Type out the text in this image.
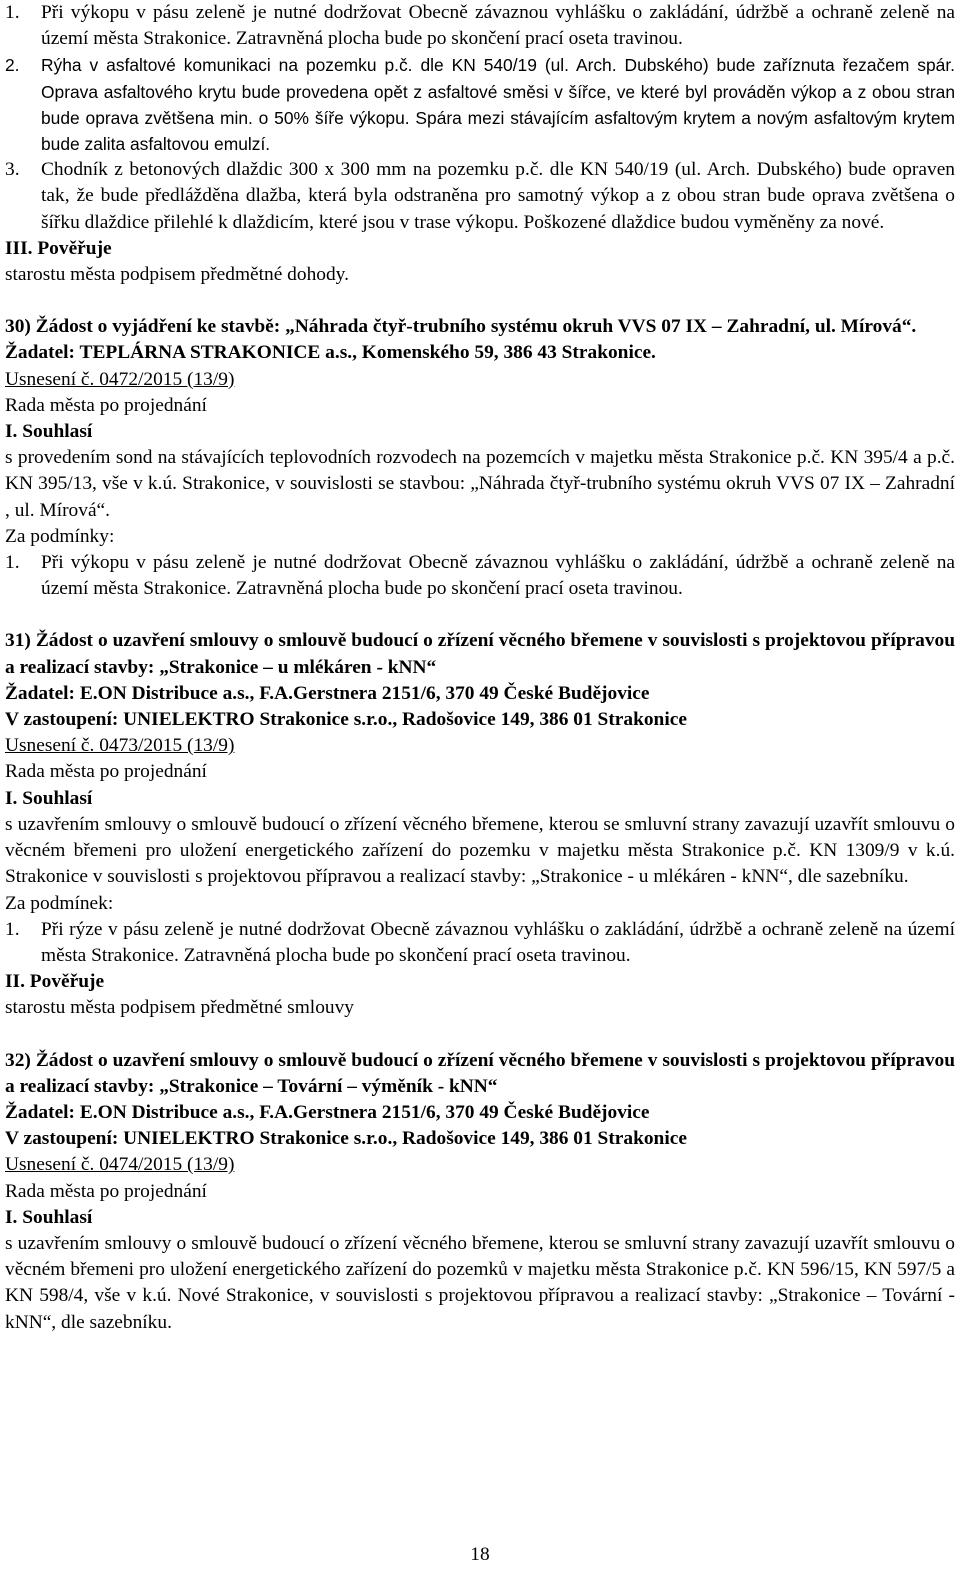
1. Při výkopu v pásu zeleně je nutné dodržovat Obecně závaznou vyhlášku o zakládání, údržbě a ochraně zeleně na území města Strakonice. Zatravněná plocha bude po skončení prací oseta travinou.
2. Rýha v asfaltové komunikaci na pozemku p.č. dle KN 540/19 (ul. Arch. Dubského) bude zaříznuta řezačem spár. Oprava asfaltového krytu bude provedena opět z asfaltové směsi v šířce, ve které byl prováděn výkop a z obou stran bude oprava zvětšena min. o 50% šíře výkopu. Spára mezi stávajícím asfaltovým krytem a novým asfaltovým krytem bude zalita asfaltovou emulzí.
3. Chodník z betonových dlaždic 300 x 300 mm na pozemku p.č. dle KN 540/19 (ul. Arch. Dubského) bude opraven tak, že bude předlážděna dlažba, která byla odstraněna pro samotný výkop a z obou stran bude oprava zvětšena o šířku dlaždice přilehlé k dlaždicím, které jsou v trase výkopu. Poškozené dlaždice budou vyměněny za nové.
III. Pověřuje
starostu města podpisem předmětné dohody.
30) Žádost o vyjádření ke stavbě: „Náhrada čtyř-trubního systému okruh VVS 07 IX – Zahradní, ul. Mírová“.
Žadatel: TEPLÁRNA STRAKONICE a.s., Komenského 59, 386 43 Strakonice.
Usnesení č. 0472/2015 (13/9)
Rada města po projednání
I. Souhlasí
s provedením sond na stávajících teplovodních rozvodech na pozemcích v majetku města Strakonice p.č. KN 395/4 a p.č. KN 395/13, vše v k.ú. Strakonice, v souvislosti se stavbou: „Náhrada čtyř-trubního systému okruh VVS 07 IX – Zahradní , ul. Mírová“.
Za podmínky:
1. Při výkopu v pásu zeleně je nutné dodržovat Obecně závaznou vyhlášku o zakládání, údržbě a ochraně zeleně na území města Strakonice. Zatravněná plocha bude po skončení prací oseta travinou.
31) Žádost o uzavření smlouvy o smlouvě budoucí o zřízení věcného břemene v souvislosti s projektovou přípravou a realizací stavby: „Strakonice – u mlékáren - kNN“
Žadatel: E.ON Distribuce a.s., F.A.Gerstnera 2151/6, 370 49 České Budějovice
V zastoupení: UNIELEKTRO Strakonice s.r.o., Radošovice 149, 386 01 Strakonice
Usnesení č. 0473/2015 (13/9)
Rada města po projednání
I. Souhlasí
s uzavřením smlouvy o smlouvě budoucí o zřízení věcného břemene, kterou se smluvní strany zavazují uzavřít smlouvu o věcném břemeni pro uložení energetického zařízení do pozemku v majetku města Strakonice p.č. KN 1309/9 v k.ú. Strakonice v souvislosti s projektovou přípravou a realizací stavby: „Strakonice - u mlékáren - kNN“, dle sazebníku.
Za podmínek:
1. Při rýze v pásu zeleně je nutné dodržovat Obecně závaznou vyhlášku o zakládání, údržbě a ochraně zeleně na území města Strakonice. Zatravněná plocha bude po skončení prací oseta travinou.
II. Pověřuje
starostu města podpisem předmětné smlouvy
32) Žádost o uzavření smlouvy o smlouvě budoucí o zřízení věcného břemene v souvislosti s projektovou přípravou a realizací stavby: „Strakonice – Tovární – výměník - kNN“
Žadatel: E.ON Distribuce a.s., F.A.Gerstnera 2151/6, 370 49 České Budějovice
V zastoupení: UNIELEKTRO Strakonice s.r.o., Radošovice 149, 386 01 Strakonice
Usnesení č. 0474/2015 (13/9)
Rada města po projednání
I. Souhlasí
s uzavřením smlouvy o smlouvě budoucí o zřízení věcného břemene, kterou se smluvní strany zavazují uzavřít smlouvu o věcném břemeni pro uložení energetického zařízení do pozemků v majetku města Strakonice p.č. KN 596/15, KN 597/5 a KN 598/4, vše v k.ú. Nové Strakonice, v souvislosti s projektovou přípravou a realizací stavby: „Strakonice – Tovární - kNN“, dle sazebníku.
18
